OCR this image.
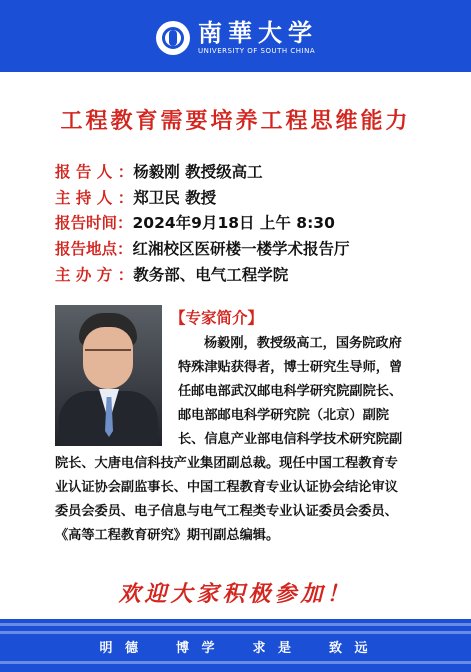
南華大学
UNIVERSITY OF SOUTH CHINA
工程教育需要培养工程思维能力
报 告 人 ：杨毅刚 教授级高工
主 持 人 ：郑卫民 教授
报告时间：2024年9月18日 上午 8:30
报告地点：红湘校区医研楼一楼学术报告厅
主 办 方 ：教务部、电气工程学院
【专家简介】
杨毅刚，教授级高工，国务院政府
特殊津贴获得者，博士研究生导师，曾
任邮电部武汉邮电科学研究院副院长、
邮电部邮电科学研究院（北京）副院
长、信息产业部电信科学技术研究院副
院长、大唐电信科技产业集团副总裁。现任中国工程教育专
业认证协会副监事长、中国工程教育专业认证协会结论审议
委员会委员、电子信息与电气工程类专业认证委员会委员、
《高等工程教育研究》期刊副总编辑。
欢迎大家积极参加！
明 德	博 学	求 是	致 远
